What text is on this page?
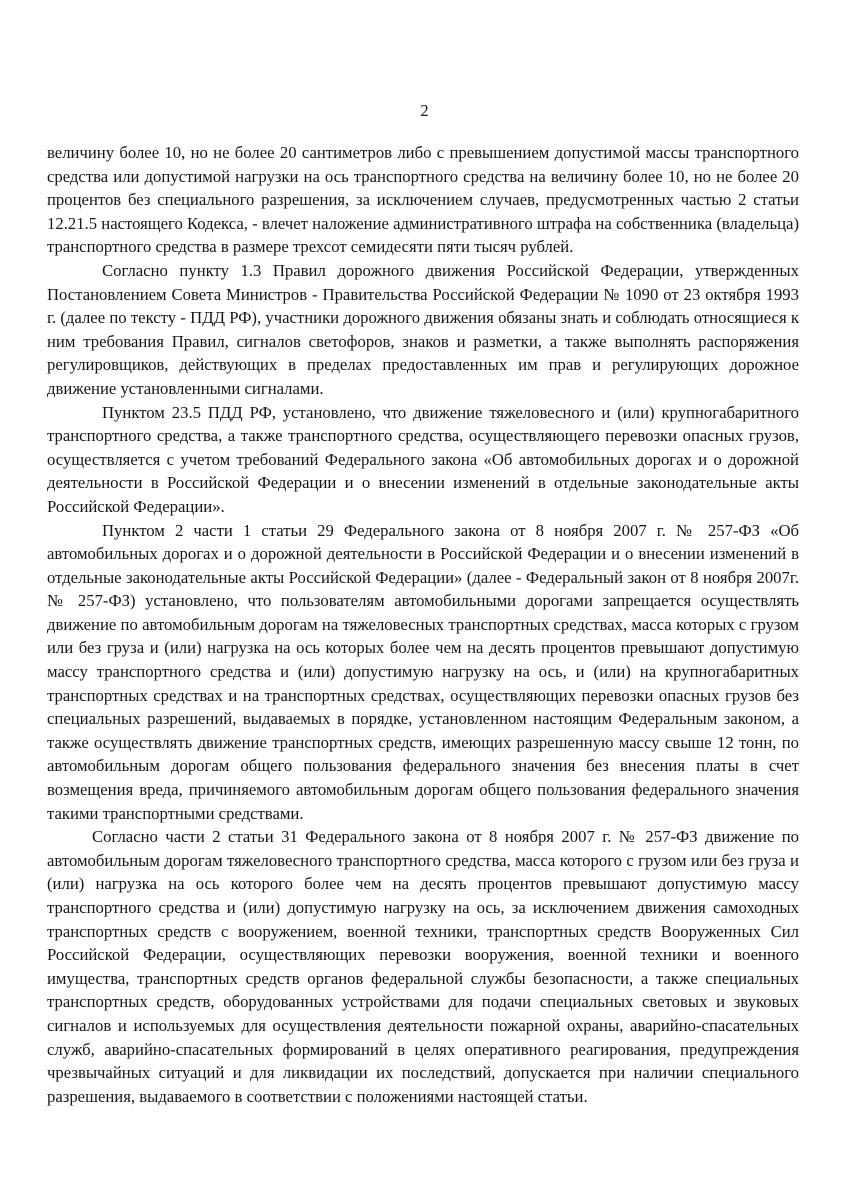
2

величину более 10, но не более 20 сантиметров либо с превышением допустимой массы транспортного средства или допустимой нагрузки на ось транспортного средства на величину более 10, но не более 20 процентов без специального разрешения, за исключением случаев, предусмотренных частью 2 статьи 12.21.5 настоящего Кодекса, - влечет наложение административного штрафа на собственника (владельца) транспортного средства в размере трехсот семидесяти пяти тысяч рублей.

Согласно пункту 1.3 Правил дорожного движения Российской Федерации, утвержденных Постановлением Совета Министров - Правительства Российской Федерации № 1090 от 23 октября 1993 г. (далее по тексту - ПДД РФ), участники дорожного движения обязаны знать и соблюдать относящиеся к ним требования Правил, сигналов светофоров, знаков и разметки, а также выполнять распоряжения регулировщиков, действующих в пределах предоставленных им прав и регулирующих дорожное движение установленными сигналами.

Пунктом 23.5 ПДД РФ, установлено, что движение тяжеловесного и (или) крупногабаритного транспортного средства, а также транспортного средства, осуществляющего перевозки опасных грузов, осуществляется с учетом требований Федерального закона «Об автомобильных дорогах и о дорожной деятельности в Российской Федерации и о внесении изменений в отдельные законодательные акты Российской Федерации».

Пунктом 2 части 1 статьи 29 Федерального закона от 8 ноября 2007 г. № 257-ФЗ «Об автомобильных дорогах и о дорожной деятельности в Российской Федерации и о внесении изменений в отдельные законодательные акты Российской Федерации» (далее - Федеральный закон от 8 ноября 2007г. № 257-ФЗ) установлено, что пользователям автомобильными дорогами запрещается осуществлять движение по автомобильным дорогам на тяжеловесных транспортных средствах, масса которых с грузом или без груза и (или) нагрузка на ось которых более чем на десять процентов превышают допустимую массу транспортного средства и (или) допустимую нагрузку на ось, и (или) на крупногабаритных транспортных средствах и на транспортных средствах, осуществляющих перевозки опасных грузов без специальных разрешений, выдаваемых в порядке, установленном настоящим Федеральным законом, а также осуществлять движение транспортных средств, имеющих разрешенную массу свыше 12 тонн, по автомобильным дорогам общего пользования федерального значения без внесения платы в счет возмещения вреда, причиняемого автомобильным дорогам общего пользования федерального значения такими транспортными средствами.

Согласно части 2 статьи 31 Федерального закона от 8 ноября 2007 г. № 257-ФЗ движение по автомобильным дорогам тяжеловесного транспортного средства, масса которого с грузом или без груза и (или) нагрузка на ось которого более чем на десять процентов превышают допустимую массу транспортного средства и (или) допустимую нагрузку на ось, за исключением движения самоходных транспортных средств с вооружением, военной техники, транспортных средств Вооруженных Сил Российской Федерации, осуществляющих перевозки вооружения, военной техники и военного имущества, транспортных средств органов федеральной службы безопасности, а также специальных транспортных средств, оборудованных устройствами для подачи специальных световых и звуковых сигналов и используемых для осуществления деятельности пожарной охраны, аварийно-спасательных служб, аварийно-спасательных формирований в целях оперативного реагирования, предупреждения чрезвычайных ситуаций и для ликвидации их последствий, допускается при наличии специального разрешения, выдаваемого в соответствии с положениями настоящей статьи.
